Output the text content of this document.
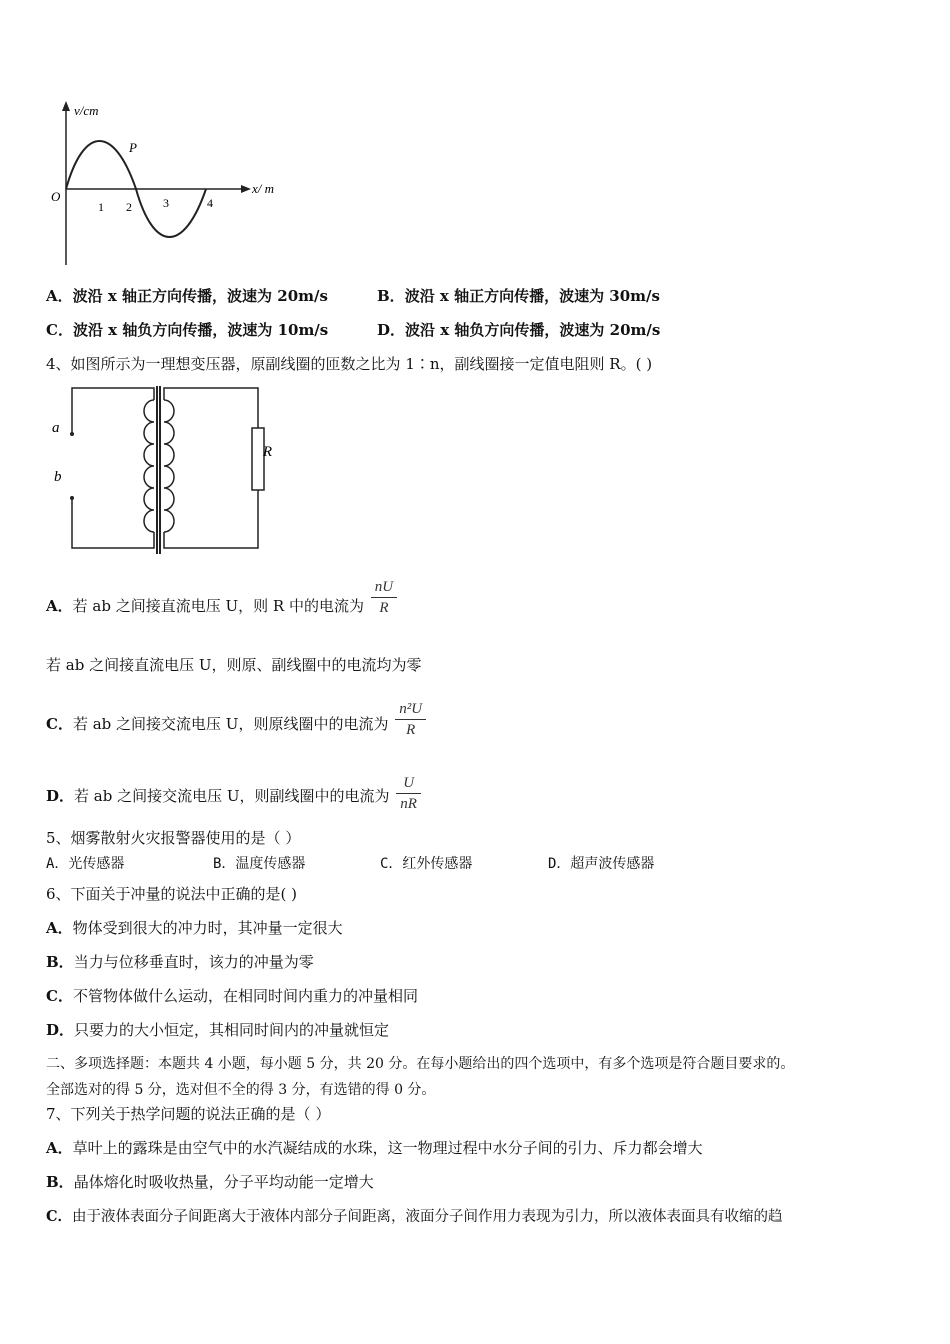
v/cm
x/ m
O
P
1 2	3	4
A．波沿 x 轴正方向传播，波速为 20m/s	B．波沿 x 轴正方向传播，波速为 30m/s
C．波沿 x 轴负方向传播，波速为 10m/s	D．波沿 x 轴负方向传播，波速为 20m/s
4、如图所示为一理想变压器，原副线圈的匝数之比为 1∶n，副线圈接一定值电阻则 R。( )
a
b
R
A．若 ab 之间接直流电压 U，则 R 中的电流为 $\frac{nU}{R}$
若 ab 之间接直流电压 U，则原、副线圈中的电流均为零
C．若 ab 之间接交流电压 U，则原线圈中的电流为 $\frac{\text{n²U}}{R}$
D．若 ab 之间接交流电压 U，则副线圈中的电流为 $\frac{U}{nR}$
5、烟雾散射火灾报警器使用的是（ ）
A．光传感器	B．温度传感器	C．红外传感器	D．超声波传感器
6、下面关于冲量的说法中正确的是( )
A．物体受到很大的冲力时，其冲量一定很大
B．当力与位移垂直时，该力的冲量为零
C．不管物体做什么运动，在相同时间内重力的冲量相同
D．只要力的大小恒定，其相同时间内的冲量就恒定
二、多项选择题：本题共 4 小题，每小题 5 分，共 20 分。在每小题给出的四个选项中，有多个选项是符合题目要求的。
全部选对的得 5 分，选对但不全的得 3 分，有选错的得 0 分。
7、下列关于热学问题的说法正确的是（ ）
A．草叶上的露珠是由空气中的水汽凝结成的水珠，这一物理过程中水分子间的引力、斥力都会增大
B．晶体熔化时吸收热量，分子平均动能一定增大
C．由于液体表面分子间距离大于液体内部分子间距离，液面分子间作用力表现为引力，所以液体表面具有收缩的趋
